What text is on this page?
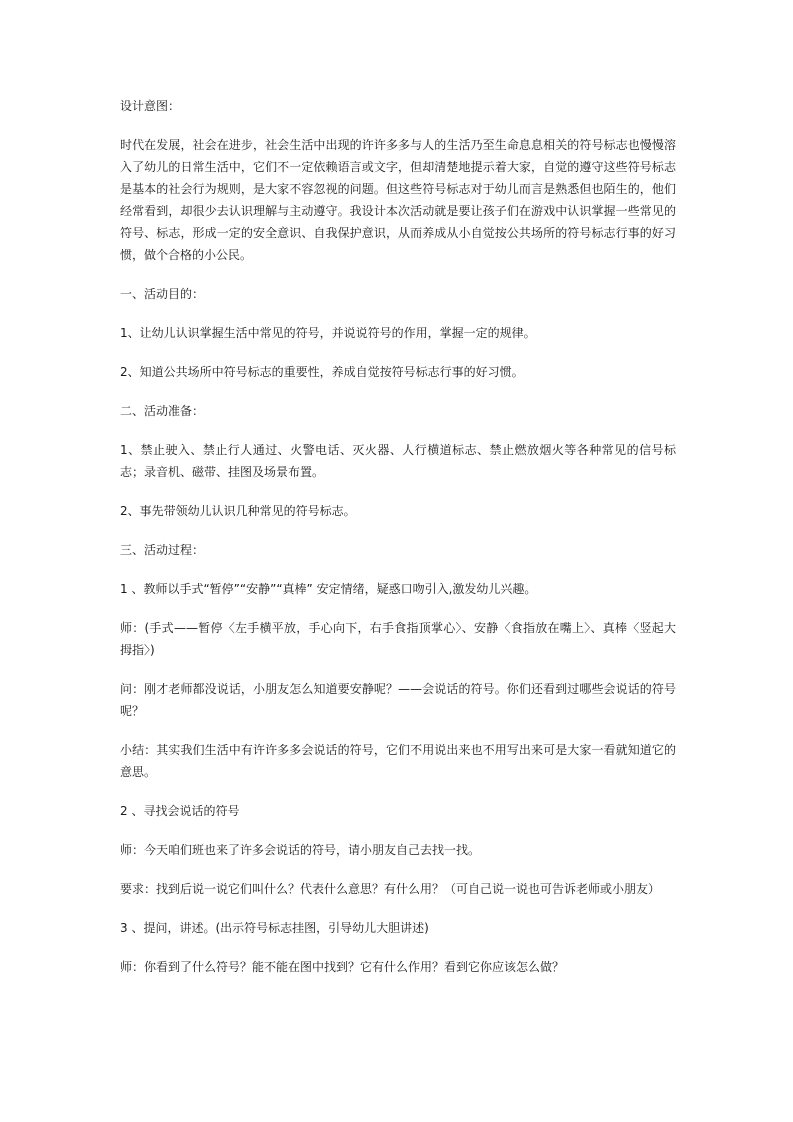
设计意图：

时代在发展，社会在进步，社会生活中出现的许许多多与人的生活乃至生命息息相关的符号标志也慢慢溶入了幼儿的日常生活中，它们不一定依赖语言或文字，但却清楚地提示着大家，自觉的遵守这些符号标志是基本的社会行为规则，是大家不容忽视的问题。但这些符号标志对于幼儿而言是熟悉但也陌生的，他们经常看到，却很少去认识理解与主动遵守。我设计本次活动就是要让孩子们在游戏中认识掌握一些常见的符号、标志，形成一定的安全意识、自我保护意识，从而养成从小自觉按公共场所的符号标志行事的好习惯，做个合格的小公民。

一、活动目的：

1、让幼儿认识掌握生活中常见的符号，并说说符号的作用，掌握一定的规律。

2、知道公共场所中符号标志的重要性，养成自觉按符号标志行事的好习惯。

二、活动准备：

1、禁止驶入、禁止行人通过、火警电话、灭火器、人行横道标志、禁止燃放烟火等各种常见的信号标志；录音机、磁带、挂图及场景布置。

2、事先带领幼儿认识几种常见的符号标志。

三、活动过程：

1 、教师以手式“暂停”“安静”“真棒” 安定情绪，疑惑口吻引入,激发幼儿兴趣。

师：(手式——暂停〈左手横平放，手心向下，右手食指顶掌心〉、安静〈食指放在嘴上〉、真棒〈竖起大拇指〉)

问：刚才老师都没说话，小朋友怎么知道要安静呢？——会说话的符号。你们还看到过哪些会说话的符号呢？

小结：其实我们生活中有许许多多会说话的符号，它们不用说出来也不用写出来可是大家一看就知道它的意思。

2 、寻找会说话的符号

师：今天咱们班也来了许多会说话的符号，请小朋友自己去找一找。

要求：找到后说一说它们叫什么？代表什么意思？有什么用？（可自己说一说也可告诉老师或小朋友）

3 、提问，讲述。(出示符号标志挂图，引导幼儿大胆讲述)

师：你看到了什么符号？能不能在图中找到？它有什么作用？看到它你应该怎么做？
